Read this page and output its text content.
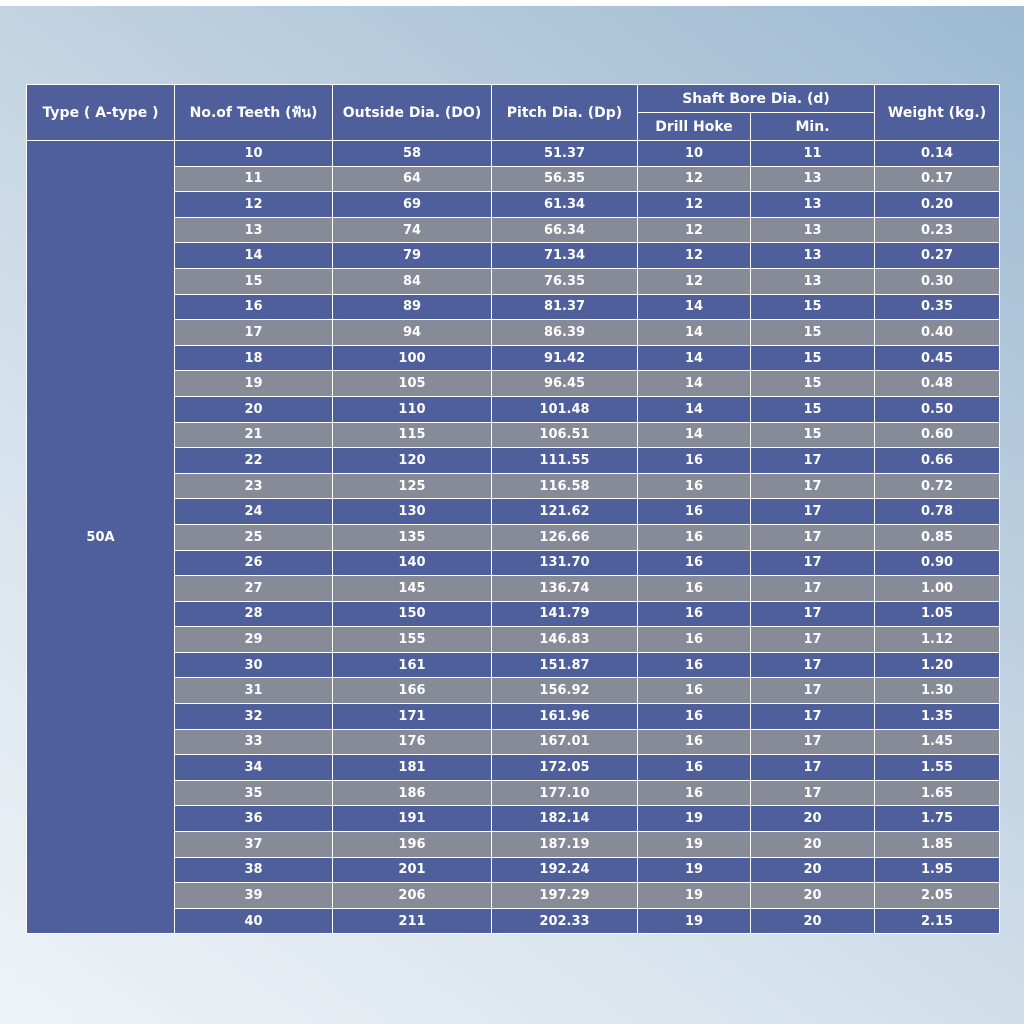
Type ( A-type )	No.of Teeth (ฟัน)	Outside Dia. (DO)	Pitch Dia. (Dp)	Shaft Bore Dia. (d)		Weight (kg.)
				Drill Hoke	Min.	
50A	10	58	51.37	10	11	0.14
	11	64	56.35	12	13	0.17
	12	69	61.34	12	13	0.20
	13	74	66.34	12	13	0.23
	14	79	71.34	12	13	0.27
	15	84	76.35	12	13	0.30
	16	89	81.37	14	15	0.35
	17	94	86.39	14	15	0.40
	18	100	91.42	14	15	0.45
	19	105	96.45	14	15	0.48
	20	110	101.48	14	15	0.50
	21	115	106.51	14	15	0.60
	22	120	111.55	16	17	0.66
	23	125	116.58	16	17	0.72
	24	130	121.62	16	17	0.78
	25	135	126.66	16	17	0.85
	26	140	131.70	16	17	0.90
	27	145	136.74	16	17	1.00
	28	150	141.79	16	17	1.05
	29	155	146.83	16	17	1.12
	30	161	151.87	16	17	1.20
	31	166	156.92	16	17	1.30
	32	171	161.96	16	17	1.35
	33	176	167.01	16	17	1.45
	34	181	172.05	16	17	1.55
	35	186	177.10	16	17	1.65
	36	191	182.14	19	20	1.75
	37	196	187.19	19	20	1.85
	38	201	192.24	19	20	1.95
	39	206	197.29	19	20	2.05
	40	211	202.33	19	20	2.15
